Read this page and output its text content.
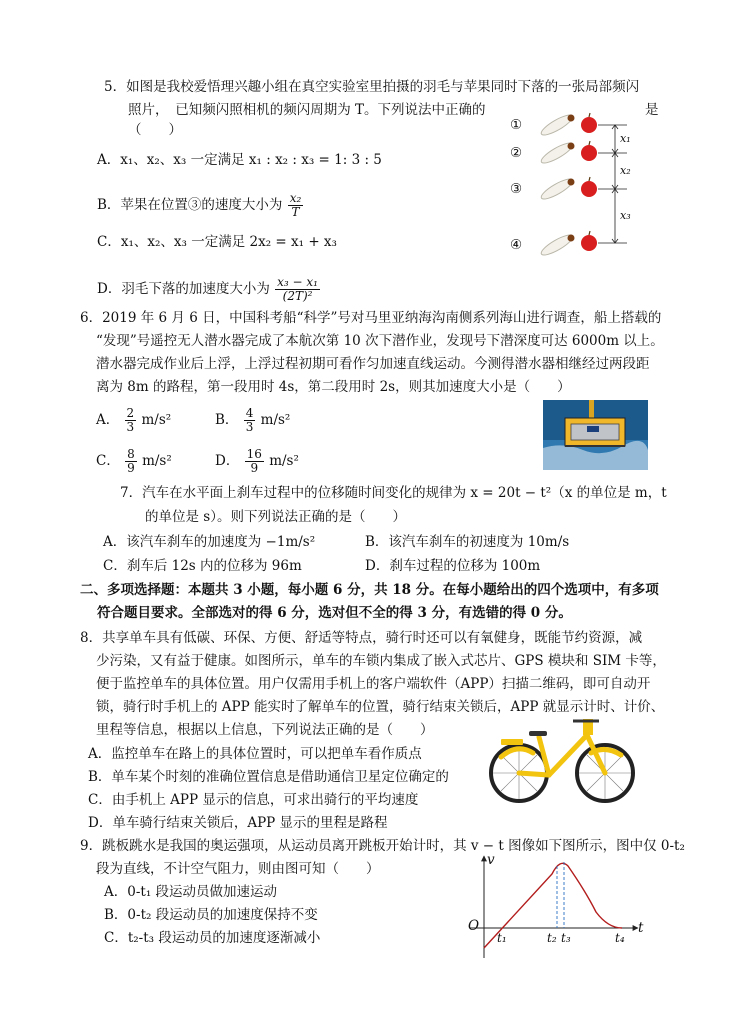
5．如图是我校爱悟理兴趣小组在真空实验室里拍摄的羽毛与苹果同时下落的一张局部频闪
照片，　已知频闪照相机的频闪周期为 T。下列说法中正确的	是
（　　）
A．x₁、x₂、x₃ 一定满足 x₁ : x₂ : x₃ = 1: 3 : 5
B．苹果在位置③的速度大小为 $\frac{\text{x₂}}{T}$
C．x₁、x₂、x₃ 一定满足 2x₂ = x₁ + x₃
D．羽毛下落的加速度大小为 $\frac{\text{x₃ − x₁}}{\text{(2T)²}}$
①
②
③
④
x₁
x₂
x₃
6．2019 年 6 月 6 日，中国科考船“科学”号对马里亚纳海沟南侧系列海山进行调查，船上搭载的
“发现”号遥控无人潜水器完成了本航次第 10 次下潜作业，发现号下潜深度可达 6000m 以上。
潜水器完成作业后上浮，上浮过程初期可看作匀加速直线运动。今测得潜水器相继经过两段距
离为 8m 的路程，第一段用时 4s，第二段用时 2s，则其加速度大小是（　　）
A． $\frac{2}{3} m/s^2$	B． $\frac{4}{3} m/s^2$
C． $\frac{8}{9} m/s^2$	D． $\frac{16}{9} m/s^2$
7．汽车在水平面上刹车过程中的位移随时间变化的规律为 x = 20t − t²（x 的单位是 m，t
的单位是 s）。则下列说法正确的是（　　）
A．该汽车刹车的加速度为 −1m/s²	B．该汽车刹车的初速度为 10m/s
C．刹车后 12s 内的位移为 96m	D．刹车过程的位移为 100m
二、多项选择题：本题共 3 小题，每小题 6 分，共 18 分。在每小题给出的四个选项中，有多项
符合题目要求。全部选对的得 6 分，选对但不全的得 3 分，有选错的得 0 分。
8．共享单车具有低碳、环保、方便、舒适等特点，骑行时还可以有氧健身，既能节约资源，减
少污染，又有益于健康。如图所示，单车的车锁内集成了嵌入式芯片、GPS 模块和 SIM 卡等，
便于监控单车的具体位置。用户仅需用手机上的客户端软件（APP）扫描二维码，即可自动开
锁，骑行时手机上的 APP 能实时了解单车的位置，骑行结束关锁后，APP 就显示计时、计价、
里程等信息，根据以上信息，下列说法正确的是（　　）
A．监控单车在路上的具体位置时，可以把单车看作质点
B．单车某个时刻的准确位置信息是借助通信卫星定位确定的
C．由手机上 APP 显示的信息，可求出骑行的平均速度
D．单车骑行结束关锁后，APP 显示的里程是路程
9．跳板跳水是我国的奥运强项，从运动员离开跳板开始计时，其 v − t 图像如下图所示，图中仅 0-t₂
段为直线，不计空气阻力，则由图可知（　　）
A．0-t₁ 段运动员做加速运动
B．0-t₂ 段运动员的加速度保持不变
C．t₂-t₃ 段运动员的加速度逐渐减小
v
t
O
t₁	t₂ t₃	t₄
